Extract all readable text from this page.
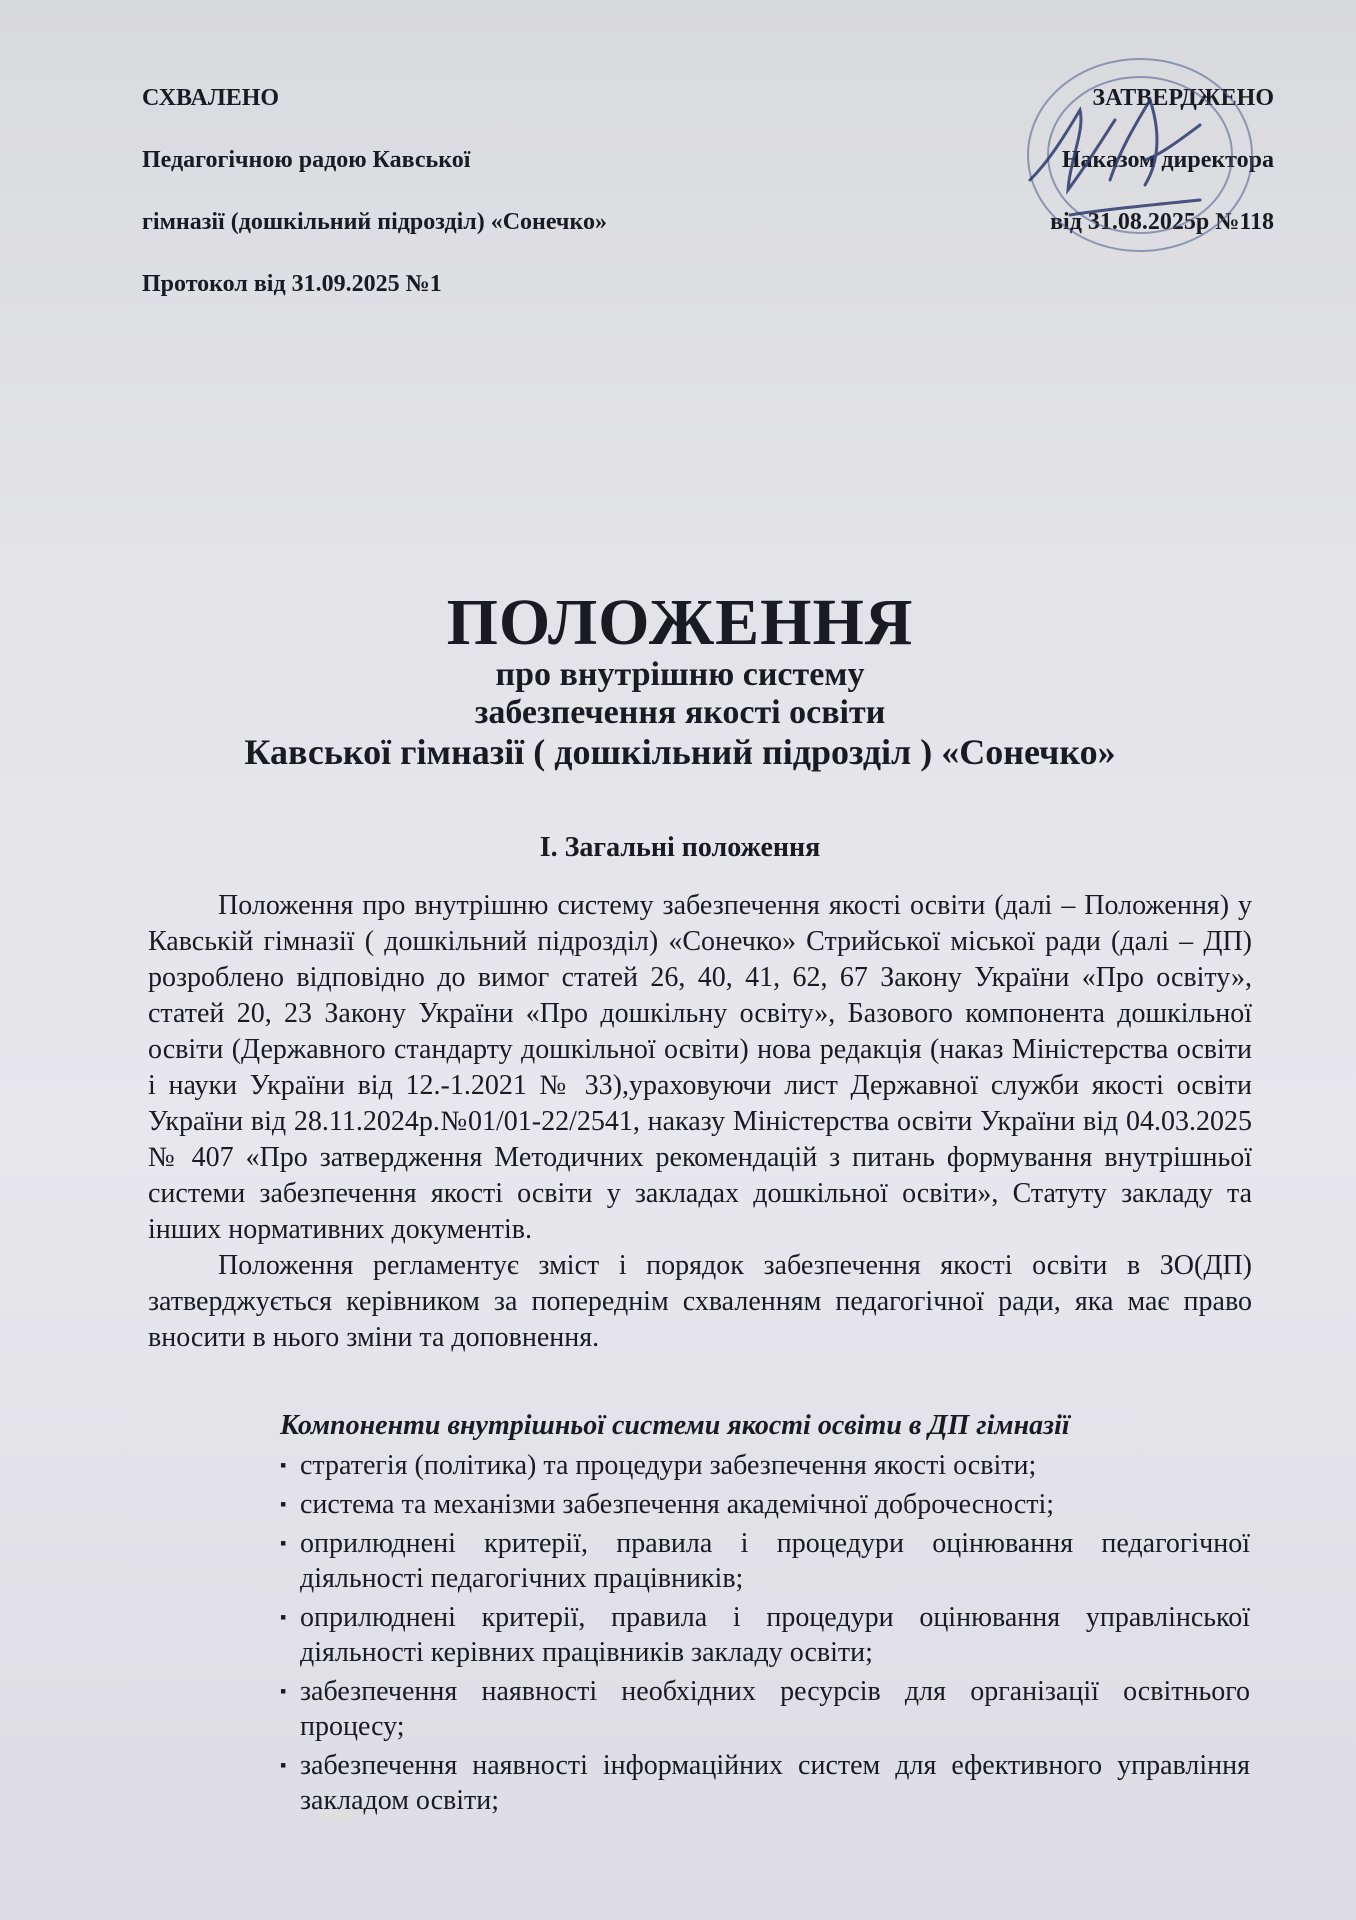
СХВАЛЕНО
Педагогічною радою Кавської
гімназії (дошкільний підрозділ) «Сонечко»
Протокол від 31.09.2025 №1
ЗАТВЕРДЖЕНО
Наказом директора
від 31.08.2025р №118
ПОЛОЖЕННЯ
про внутрішню систему
забезпечення якості освіти
Кавської гімназії ( дошкільний підрозділ ) «Сонечко»
І. Загальні положення

Положення про внутрішню систему забезпечення якості освіти (далі – Положення) у Кавській гімназії ( дошкільний підрозділ) «Сонечко» Стрийської міської ради (далі – ДП) розроблено відповідно до вимог статей 26, 40, 41, 62, 67 Закону України «Про освіту», статей 20, 23 Закону України «Про дошкільну освіту», Базового компонента дошкільної освіти (Державного стандарту дошкільної освіти) нова редакція (наказ Міністерства освіти і науки України від 12.-1.2021 № 33),ураховуючи лист Державної служби якості освіти України від 28.11.2024р.№01/01-22/2541, наказу Міністерства освіти України від 04.03.2025 № 407 «Про затвердження Методичних рекомендацій з питань формування внутрішньої системи забезпечення якості освіти у закладах дошкільної освіти», Статуту закладу та інших нормативних документів.

Положення регламентує зміст і порядок забезпечення якості освіти в ЗО(ДП) затверджується керівником за попереднім схваленням педагогічної ради, яка має право вносити в нього зміни та доповнення.

Компоненти внутрішньої системи якості освіти в ДП гімназії
▪ стратегія (політика) та процедури забезпечення якості освіти;
▪ система та механізми забезпечення академічної доброчесності;
▪ оприлюднені критерії, правила і процедури оцінювання педагогічної діяльності педагогічних працівників;
▪ оприлюднені критерії, правила і процедури оцінювання управлінської діяльності керівних працівників закладу освіти;
▪ забезпечення наявності необхідних ресурсів для організації освітнього процесу;
▪ забезпечення наявності інформаційних систем для ефективного управління закладом освіти;
